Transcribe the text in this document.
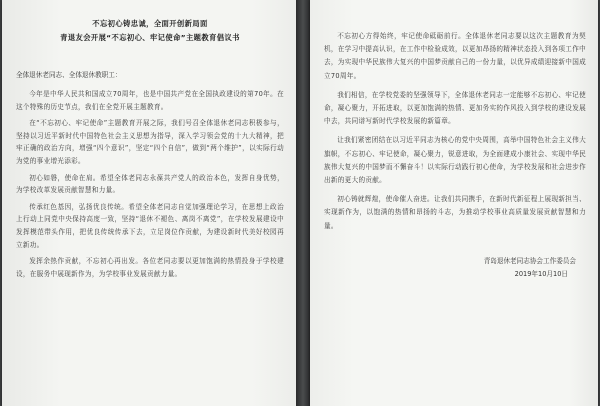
不忘初心铸忠诚，全面开创新局面
青退友会开展“不忘初心、牢记使命”主题教育倡议书
全体退休老同志、全体退休教职工：

今年是中华人民共和国成立70周年，也是中国共产党在全国执政建设的第70年。在这个特殊的历史节点，我们在全党开展主题教育。

在“不忘初心、牢记使命”主题教育开展之际，我们号召全体退休老同志积极参与，坚持以习近平新时代中国特色社会主义思想为指导，深入学习领会党的十九大精神，把牢正确的政治方向，增强“四个意识”，坚定“四个自信”，做到“两个维护”，以实际行动为党的事业增光添彩。

初心如磐，使命在肩。希望全体老同志永葆共产党人的政治本色，发挥自身优势，为学校改革发展贡献智慧和力量。

传承红色基因，弘扬优良传统。希望全体老同志自觉加强理论学习，在思想上政治上行动上同党中央保持高度一致，坚持“退休不褪色、离岗不离党”，在学校发展建设中发挥模范带头作用，把优良传统传承下去，立足岗位作贡献，为建设新时代美好校园再立新功。

发挥余热作贡献，不忘初心再出发。各位老同志要以更加饱满的热情投身于学校建设，在服务中展现新作为，为学校事业发展贡献力量。

不忘初心方得始终，牢记使命砥砺前行。全体退休老同志要以这次主题教育为契机，在学习中提高认识，在工作中检验成效，以更加昂扬的精神状态投入到各项工作中去，为实现中华民族伟大复兴的中国梦贡献自己的一份力量，以优异成绩迎接新中国成立70周年。

我们相信，在学校党委的坚强领导下，全体退休老同志一定能够不忘初心、牢记使命，凝心聚力，开拓进取，以更加饱满的热情、更加务实的作风投入到学校的建设发展中去，共同谱写新时代学校发展的新篇章。

让我们紧密团结在以习近平同志为核心的党中央周围，高举中国特色社会主义伟大旗帜，不忘初心、牢记使命，凝心聚力，锐意进取，为全面建成小康社会、实现中华民族伟大复兴的中国梦而不懈奋斗！以实际行动践行初心使命，为学校发展和社会进步作出新的更大的贡献。

初心铸就辉煌，使命催人奋进。让我们共同携手，在新时代新征程上展现新担当、实现新作为，以饱满的热情和昂扬的斗志，为推动学校事业高质量发展贡献智慧和力量。

青岛退休老同志协会工作委员会
2019年10月10日
